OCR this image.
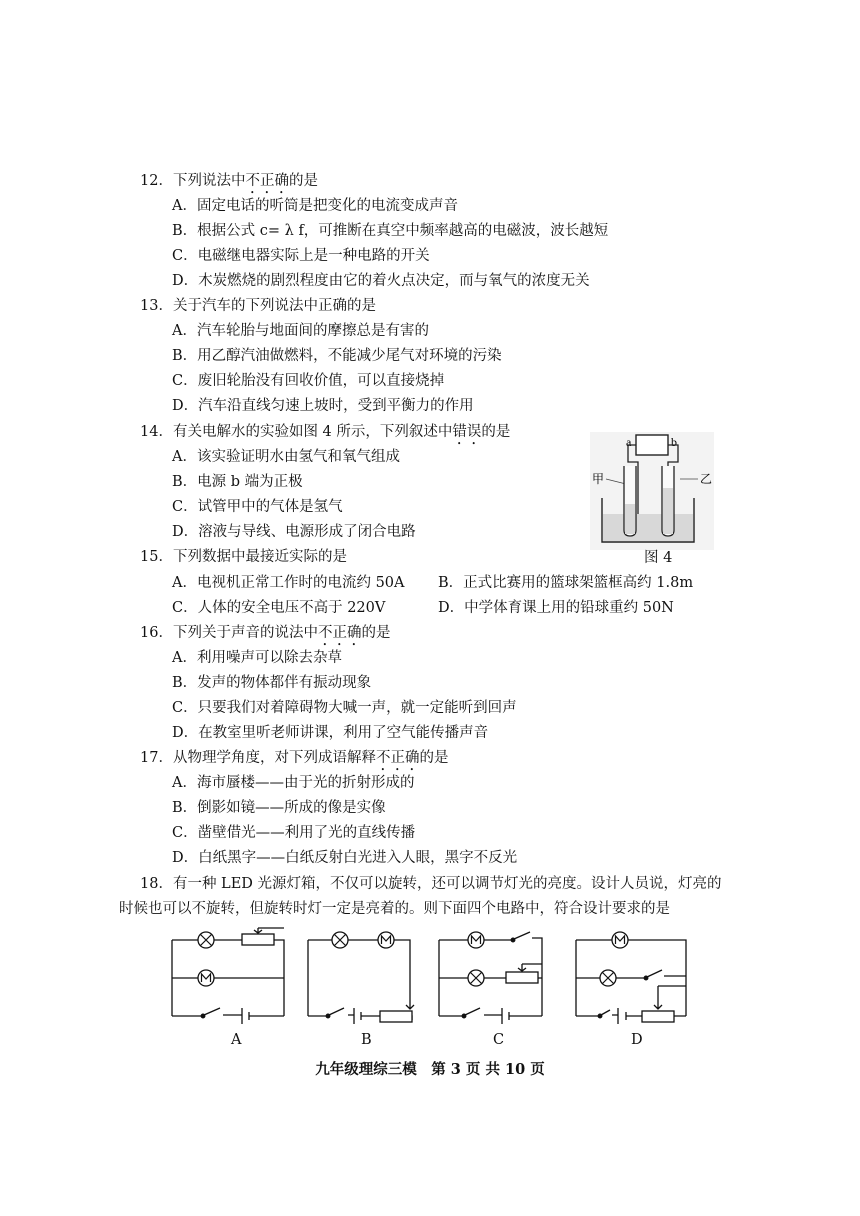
12．下列说法中不正确的是
A．固定电话的听筒是把变化的电流变成声音
B．根据公式 c= λ f，可推断在真空中频率越高的电磁波，波长越短
C．电磁继电器实际上是一种电路的开关
D．木炭燃烧的剧烈程度由它的着火点决定，而与氧气的浓度无关
13．关于汽车的下列说法中正确的是
A．汽车轮胎与地面间的摩擦总是有害的
B．用乙醇汽油做燃料，不能减少尾气对环境的污染
C．废旧轮胎没有回收价值，可以直接烧掉
D．汽车沿直线匀速上坡时，受到平衡力的作用
14．有关电解水的实验如图 4 所示，下列叙述中错误的是
A．该实验证明水由氢气和氧气组成
B．电源 b 端为正极
C．试管甲中的气体是氢气
D．溶液与导线、电源形成了闭合电路
a	b
甲	乙
图 4
15．下列数据中最接近实际的是
A．电视机正常工作时的电流约 50A B．正式比赛用的篮球架篮框高约 1.8m
C．人体的安全电压不高于 220V	D．中学体育课上用的铅球重约 50N
16．下列关于声音的说法中不正确的是
A．利用噪声可以除去杂草
B．发声的物体都伴有振动现象
C．只要我们对着障碍物大喊一声，就一定能听到回声
D．在教室里听老师讲课，利用了空气能传播声音
17．从物理学角度，对下列成语解释不正确的是
A．海市蜃楼——由于光的折射形成的
B．倒影如镜——所成的像是实像
C．凿壁借光——利用了光的直线传播
D．白纸黑字——白纸反射白光进入人眼，黑字不反光
18．有一种 LED 光源灯箱，不仅可以旋转，还可以调节灯光的亮度。设计人员说，灯亮的
时候也可以不旋转，但旋转时灯一定是亮着的。则下面四个电路中，符合设计要求的是
A	B	C	D
九年级理综三模　第 3 页 共 10 页
